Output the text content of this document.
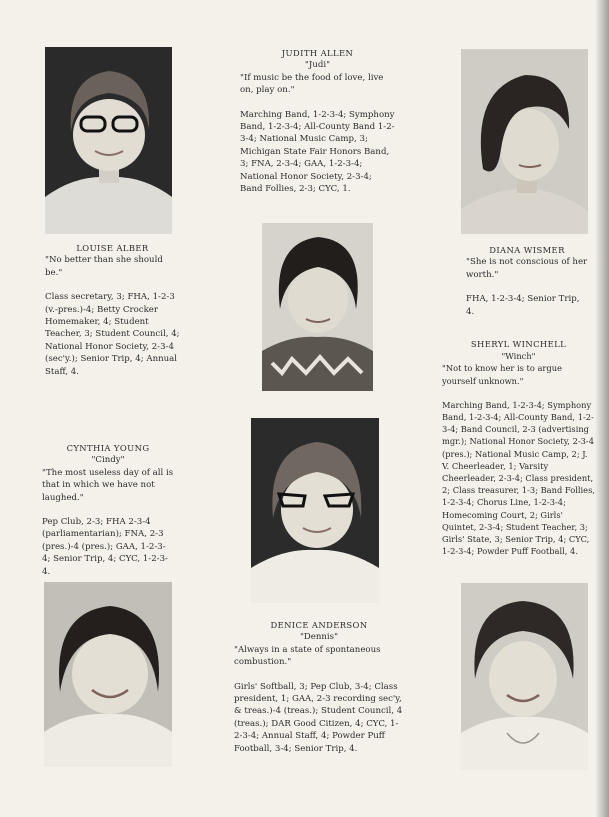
JUDITH ALLEN
"Judi"
"If music be the food of love, live on, play on."
Marching Band, 1-2-3-4; Symphony Band, 1-2-3-4; All-County Band 1-2-3-4; National Music Camp, 3; Michigan State Fair Honors Band, 3; FNA, 2-3-4; GAA, 1-2-3-4; National Honor Society, 2-3-4; Band Follies, 2-3; CYC, 1.
LOUISE ALBER
"No better than she should be."
Class secretary, 3; FHA, 1-2-3 (v.-pres.)-4; Betty Crocker Homemaker, 4; Student Teacher, 3; Student Council, 4; National Honor Society, 2-3-4 (sec'y.); Senior Trip, 4; Annual Staff, 4.
DIANA WISMER
"She is not conscious of her worth."
FHA, 1-2-3-4; Senior Trip, 4.
SHERYL WINCHELL
"Winch"
"Not to know her is to argue yourself unknown."
Marching Band, 1-2-3-4; Symphony Band, 1-2-3-4; All-County Band, 1-2-3-4; Band Council, 2-3 (advertising mgr.); National Honor Society, 2-3-4 (pres.); National Music Camp, 2; J. V. Cheerleader, 1; Varsity Cheerleader, 2-3-4; Class president, 2; Class treasurer, 1-3; Band Follies, 1-2-3-4; Chorus Line, 1-2-3-4; Homecoming Court, 2; Girls' Quintet, 2-3-4; Student Teacher, 3; Girls' State, 3; Senior Trip, 4; CYC, 1-2-3-4; Powder Puff Football, 4.
CYNTHIA YOUNG
"Cindy"
"The most useless day of all is that in which we have not laughed."
Pep Club, 2-3; FHA 2-3-4 (parliamentarian); FNA, 2-3 (pres.)-4 (pres.); GAA, 1-2-3-4; Senior Trip, 4; CYC, 1-2-3-4.
DENICE ANDERSON
"Dennis"
"Always in a state of spontaneous combustion."
Girls' Softball, 3; Pep Club, 3-4; Class president, 1; GAA, 2-3 recording sec'y, & treas.)-4 (treas.); Student Council, 4 (treas.); DAR Good Citizen, 4; CYC, 1-2-3-4; Annual Staff, 4; Powder Puff Football, 3-4; Senior Trip, 4.
